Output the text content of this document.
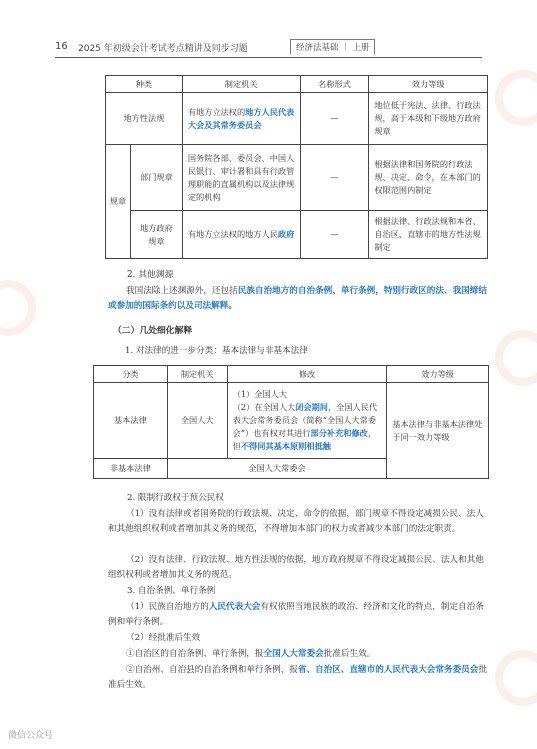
16 2025 年初级会计考试考点精讲及同步习题	经济法基础 ｜ 上册
种类		制定机关	名称形式	效力等级
地方性法规		有地方立法权的地方人民代表大会及其常务委员会	—	地位低于宪法、法律、行政法规，高于本级和下级地方政府规章
规章	部门规章	国务院各部、委员会、中国人民银行、审计署和具有行政管理职能的直属机构以及法律规定的机构	—	根据法律和国务院的行政法规、决定、命令，在本部门的权限范围内制定
	地方政府规章	有地方立法权的地方人民政府	—	根据法律、行政法规和本省、自治区、直辖市的地方性法规制定
2. 其他渊源
我国法除上述渊源外，还包括民族自治地方的自治条例、单行条例，特别行政区的法、我国缔结或参加的国际条约以及司法解释。
（二）几处细化解释
1. 对法律的进一步分类：基本法律与非基本法律
分类	制定机关	修改	效力等级
基本法律	全国人大	（1）全国人大
（2）在全国人大闭会期间，全国人民代表大会常务委员会（简称“全国人大常委会”）也有权对其进行部分补充和修改，但不得同其基本原则相抵触	基本法律与非基本法律处于同一效力等级
非基本法律	全国人大常委会		
2. 限制行政权于预公民权
（1）没有法律或者国务院的行政法规、决定、命令的依据，部门规章不得设定减损公民、法人和其他组织权利或者增加其义务的规范，不得增加本部门的权力或者减少本部门的法定职责。
（2）没有法律、行政法规、地方性法规的依据，地方政府规章不得设定减损公民、法人和其他组织权利或者增加其义务的规范。
3. 自治条例、单行条例
（1）民族自治地方的人民代表大会有权依照当地民族的政治、经济和文化的特点，制定自治条例和单行条例。
（2）经批准后生效
①自治区的自治条例、单行条例，报全国人大常委会批准后生效。
②自治州、自治县的自治条例和单行条例，报省、自治区、直辖市的人民代表大会常务委员会批准后生效。
微信公众号
